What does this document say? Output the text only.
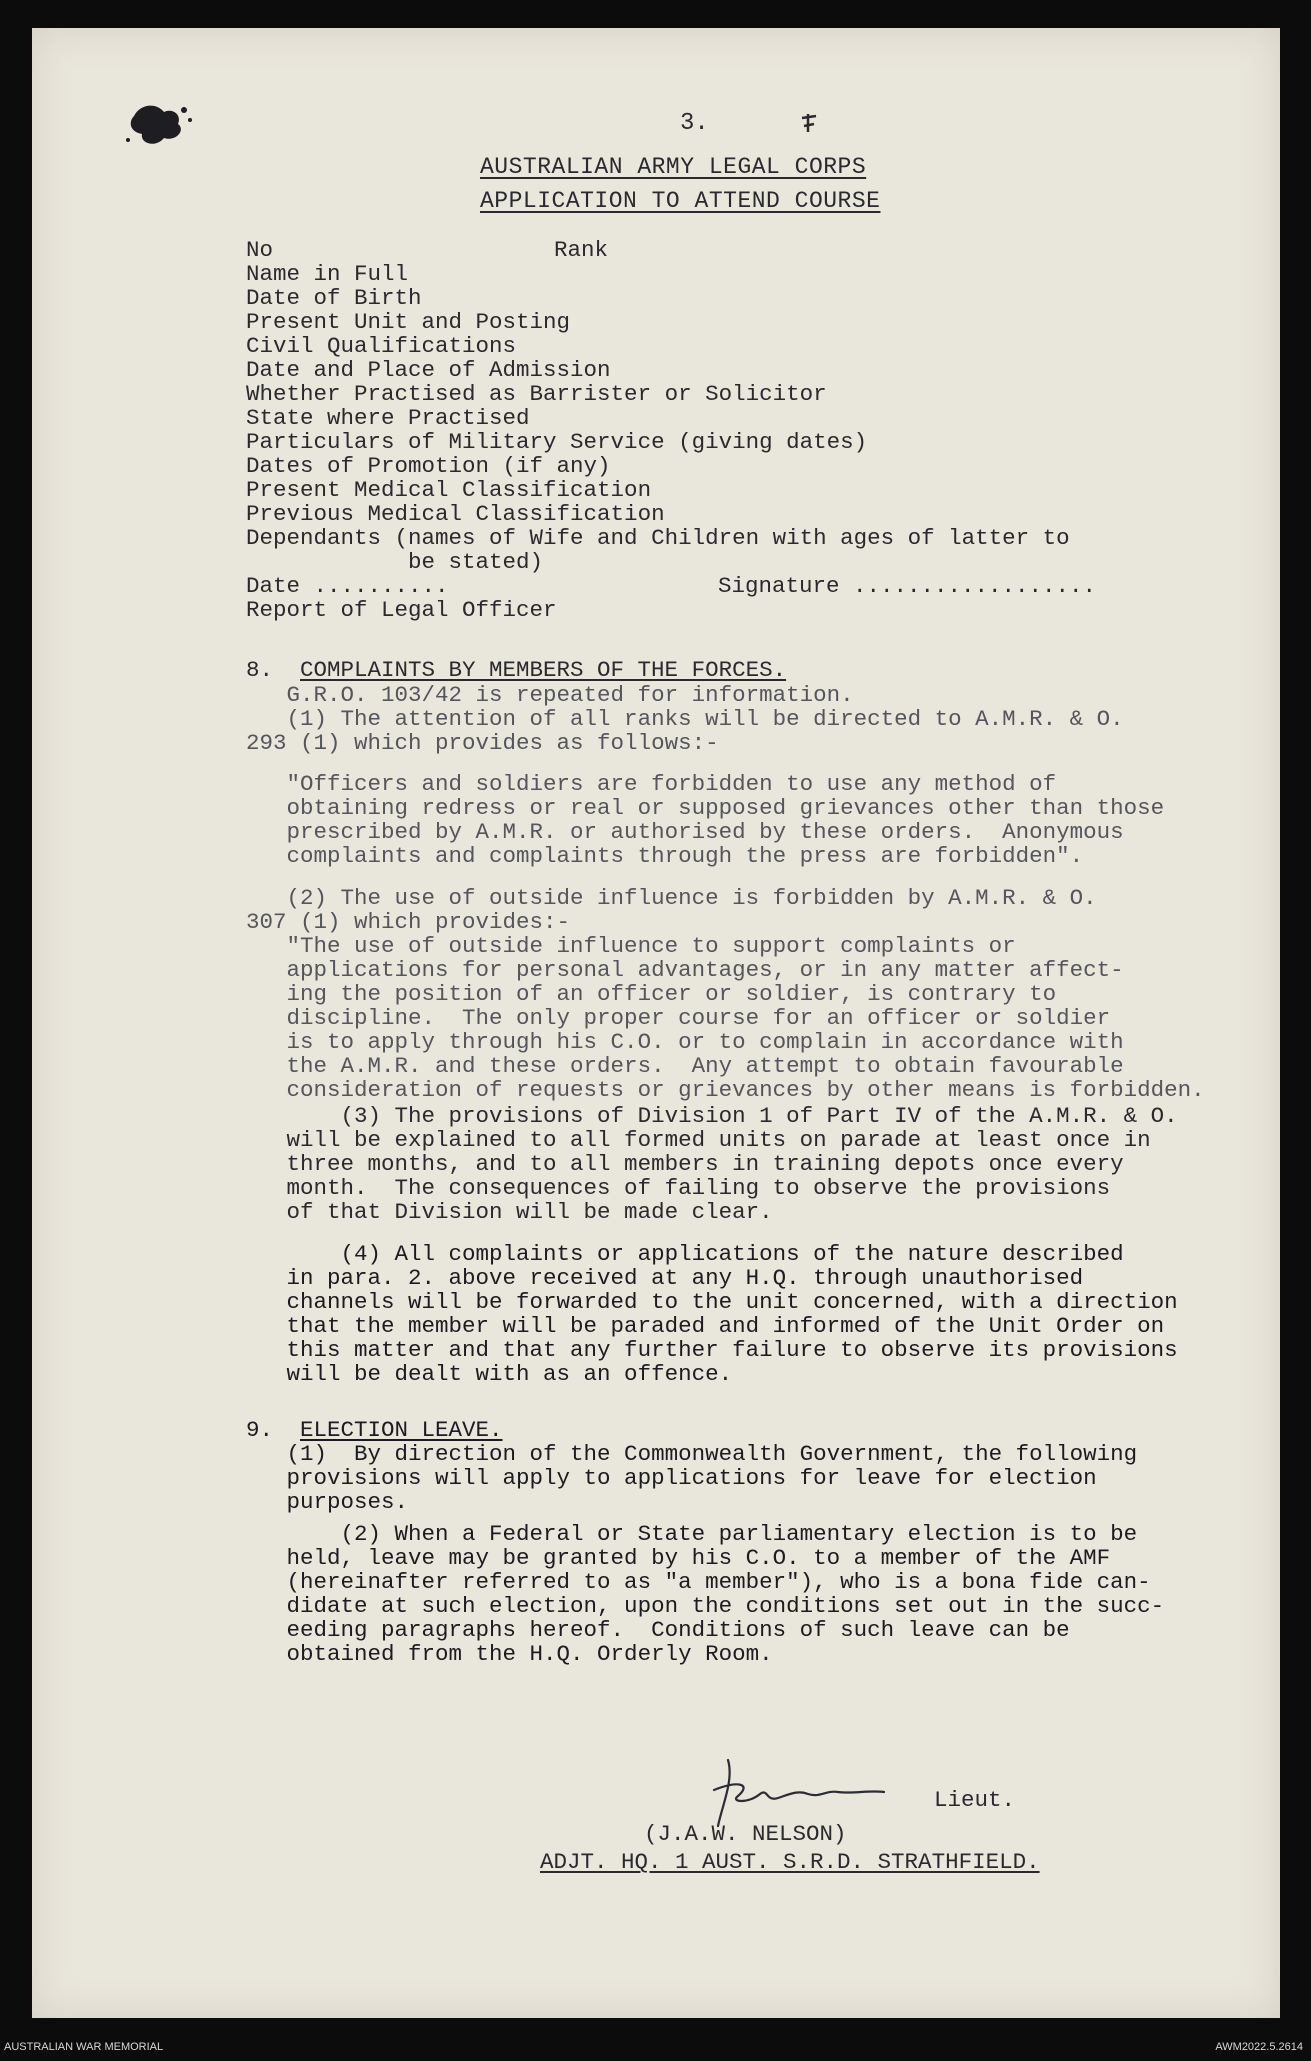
3.
AUSTRALIAN ARMY LEGAL CORPS
APPLICATION TO ATTEND COURSE
No	Rank
Name in Full
Date of Birth
Present Unit and Posting
Civil Qualifications
Date and Place of Admission
Whether Practised as Barrister or Solicitor
State where Practised
Particulars of Military Service (giving dates)
Dates of Promotion (if any)
Present Medical Classification
Previous Medical Classification
Dependants (names of Wife and Children with ages of latter to
be stated)
Date ..........	Signature ..................
Report of Legal Officer
8. COMPLAINTS BY MEMBERS OF THE FORCES.
G.R.O. 103/42 is repeated for information.
(1) The attention of all ranks will be directed to A.M.R. & O.
293 (1) which provides as follows:-
"Officers and soldiers are forbidden to use any method of
obtaining redress or real or supposed grievances other than those
prescribed by A.M.R. or authorised by these orders.  Anonymous
complaints and complaints through the press are forbidden".
(2) The use of outside influence is forbidden by A.M.R. & O.
307 (1) which provides:-
"The use of outside influence to support complaints or
applications for personal advantages, or in any matter affect-
ing the position of an officer or soldier, is contrary to
discipline.  The only proper course for an officer or soldier
is to apply through his C.O. or to complain in accordance with
the A.M.R. and these orders.  Any attempt to obtain favourable
consideration of requests or grievances by other means is forbidden.
(3) The provisions of Division 1 of Part IV of the A.M.R. & O.
will be explained to all formed units on parade at least once in
three months, and to all members in training depots once every
month.  The consequences of failing to observe the provisions
of that Division will be made clear.
(4) All complaints or applications of the nature described
in para. 2. above received at any H.Q. through unauthorised
channels will be forwarded to the unit concerned, with a direction
that the member will be paraded and informed of the Unit Order on
this matter and that any further failure to observe its provisions
will be dealt with as an offence.
9. ELECTION LEAVE.
(1)  By direction of the Commonwealth Government, the following
provisions will apply to applications for leave for election
purposes.
(2) When a Federal or State parliamentary election is to be
held, leave may be granted by his C.O. to a member of the AMF
(hereinafter referred to as "a member"), who is a bona fide can-
didate at such election, upon the conditions set out in the succ-
eeding paragraphs hereof.  Conditions of such leave can be
obtained from the H.Q. Orderly Room.
Lieut.
(J.A.W. NELSON)
ADJT. HQ. 1 AUST. S.R.D. STRATHFIELD.
AUSTRALIAN WAR MEMORIAL	AWM2022.5.2614
